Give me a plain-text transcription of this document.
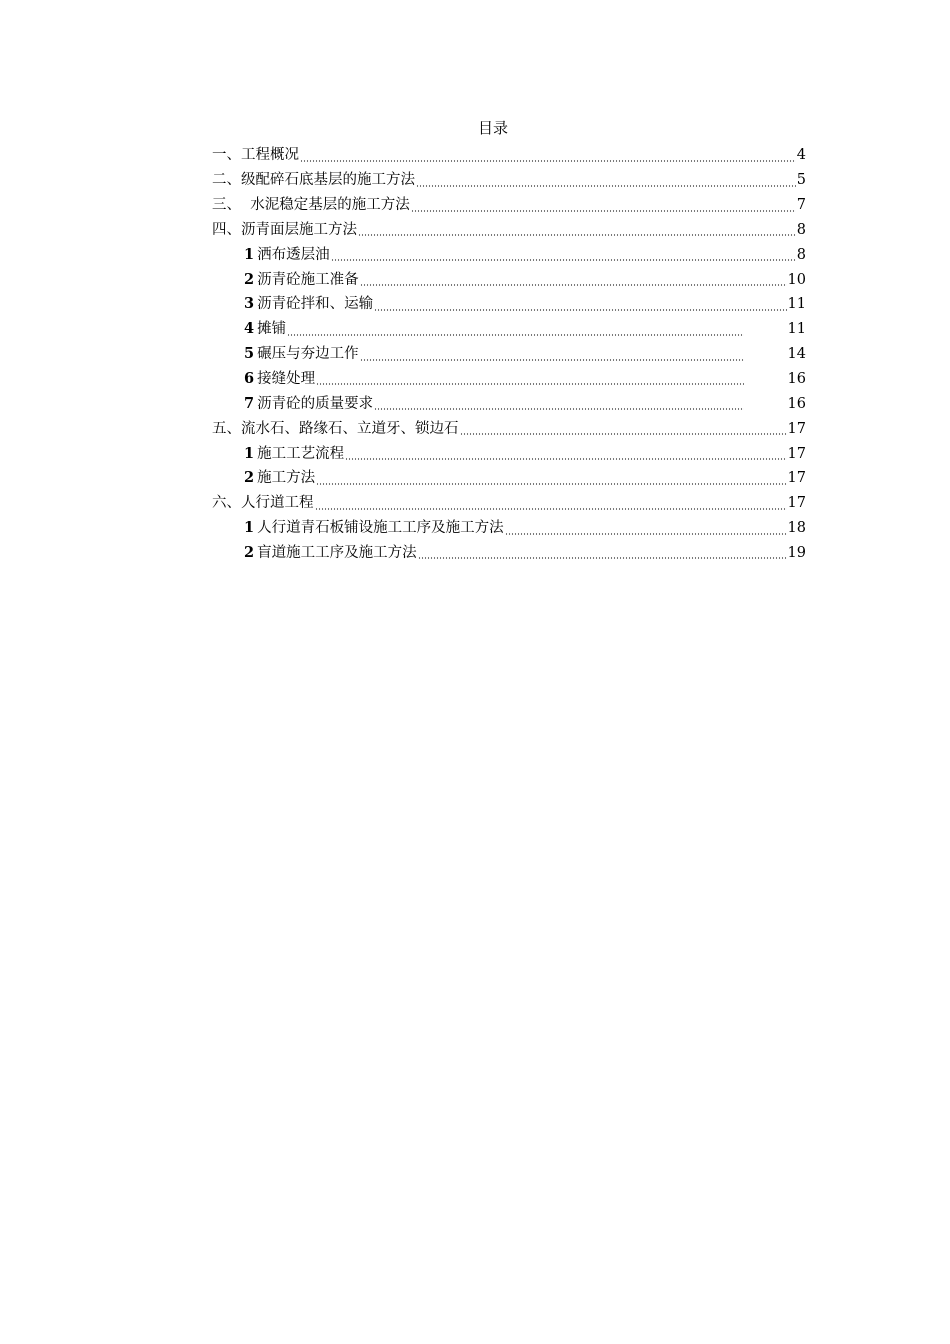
目录
一、工程概况	4
二、级配碎石底基层的施工方法	5
三、  水泥稳定基层的施工方法	7
四、沥青面层施工方法	8
1 洒布透层油	8
2 沥青砼施工准备	10
3 沥青砼拌和、运输	11
4 摊铺	11
5 碾压与夯边工作	14
6 接缝处理	16
7 沥青砼的质量要求	16
五、流水石、路缘石、立道牙、锁边石	17
1 施工工艺流程	17
2 施工方法	17
六、人行道工程	17
1 人行道青石板铺设施工工序及施工方法	18
2 盲道施工工序及施工方法	19
